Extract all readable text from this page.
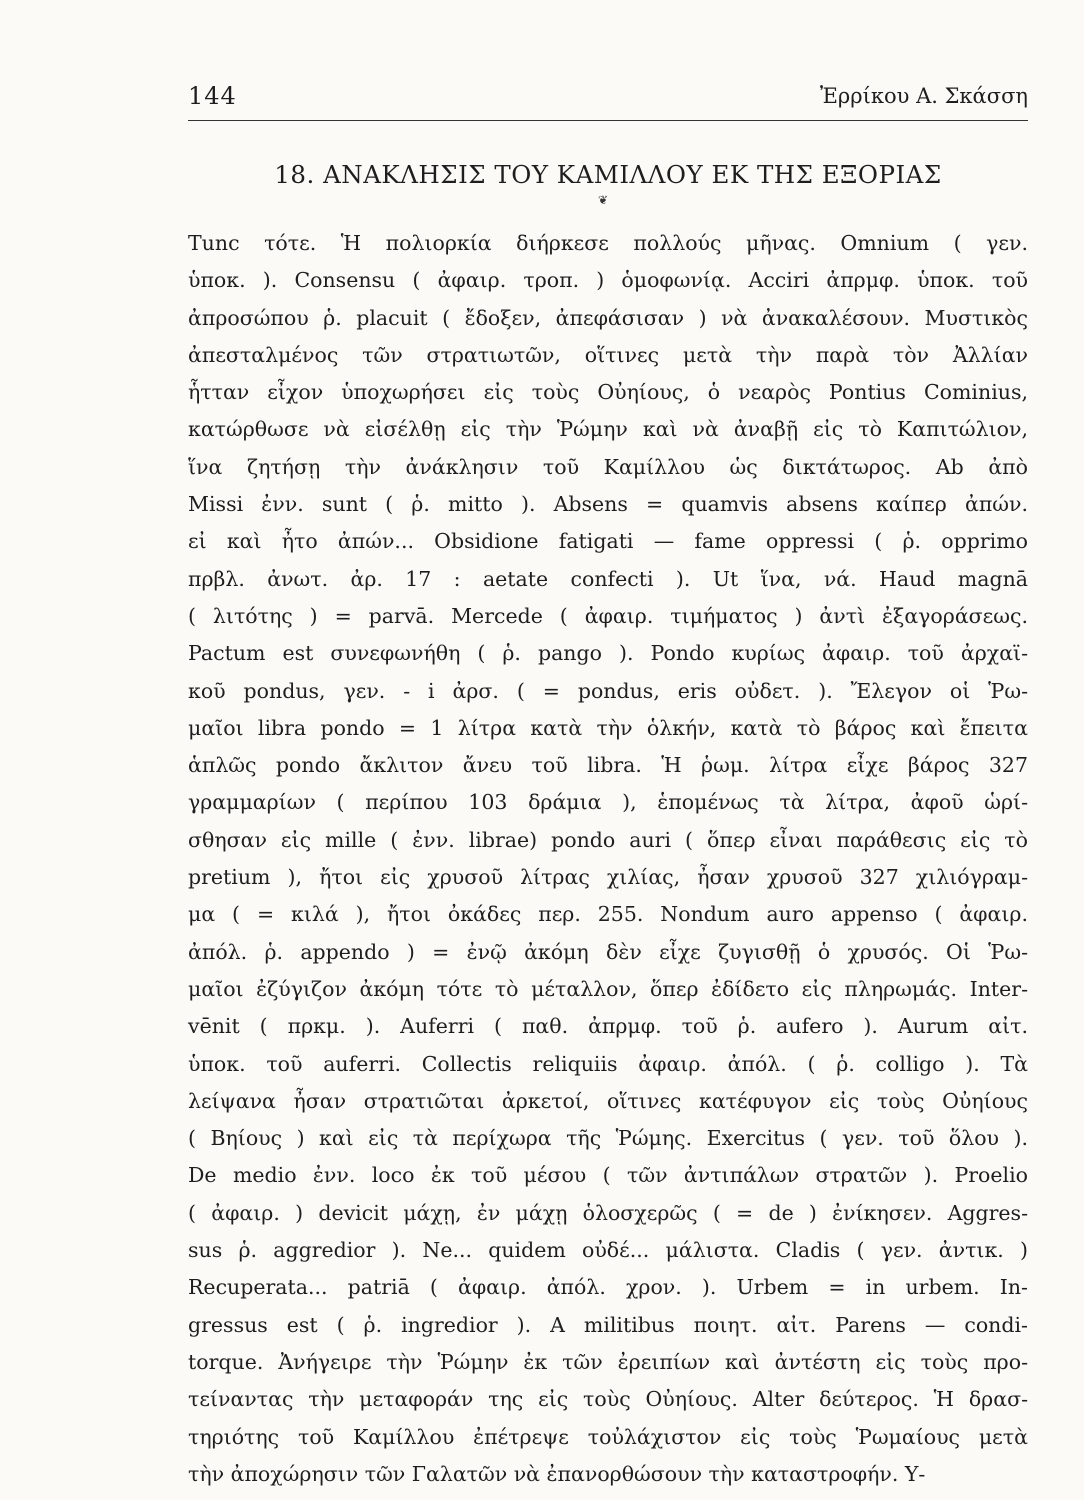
144	Ἐρρίκου Α. Σκάσση
18. ΑΝΑΚΛΗΣΙΣ ΤΟΥ ΚΑΜΙΛΛΟΥ ΕΚ ΤΗΣ ΕΞΟΡΙΑΣ
❦
Tunc τότε. Ἡ πολιορκία διήρκεσε πολλούς μῆνας. Omnium ( γεν.
ὑποκ. ). Consensu ( ἀφαιρ. τροπ. ) ὁμοφωνίᾳ. Acciri ἀπρμφ. ὑποκ. τοῦ
ἀπροσώπου ῥ. placuit ( ἔδοξεν, ἀπεφάσισαν ) νὰ ἀνακαλέσουν. Μυστικὸς
ἀπεσταλμένος τῶν στρατιωτῶν, οἵτινες μετὰ τὴν παρὰ τὸν Ἀλλίαν
ἧτταν εἶχον ὑποχωρήσει εἰς τοὺς Οὐηίους, ὁ νεαρὸς Pontius Cominius,
κατώρθωσε νὰ εἰσέλθῃ εἰς τὴν Ῥώμην καὶ νὰ ἀναβῇ εἰς τὸ Καπιτώλιον,
ἵνα ζητήσῃ τὴν ἀνάκλησιν τοῦ Καμίλλου ὡς δικτάτωρος. Ab ἀπὸ
Missi ἐνν. sunt ( ῥ. mitto ). Absens = quamvis absens καίπερ ἀπών.
εἰ καὶ ἦτο ἀπών... Obsidione fatigati — fame oppressi ( ῥ. opprimo
πρβλ. ἀνωτ. ἀρ. 17 : aetate confecti ). Ut ἵνα, νά. Haud magnā
( λιτότης ) = parvā. Mercede ( ἀφαιρ. τιμήματος ) ἀντὶ ἐξαγοράσεως.
Pactum est συνεφωνήθη ( ῥ. pango ). Pondo κυρίως ἀφαιρ. τοῦ ἀρχαϊ-
κοῦ pondus, γεν. - i ἀρσ. ( = pondus, eris οὐδετ. ). Ἔλεγον οἱ Ῥω-
μαῖοι libra pondo = 1 λίτρα κατὰ τὴν ὁλκήν, κατὰ τὸ βάρος καὶ ἔπειτα
ἁπλῶς pondo ἄκλιτον ἄνευ τοῦ libra. Ἡ ῥωμ. λίτρα εἶχε βάρος 327
γραμμαρίων ( περίπου 103 δράμια ), ἑπομένως τὰ λίτρα, ἀφοῦ ὡρί-
σθησαν εἰς mille ( ἐνν. librae) pondo auri ( ὅπερ εἶναι παράθεσις εἰς τὸ
pretium ), ἤτοι εἰς χρυσοῦ λίτρας χιλίας, ἦσαν χρυσοῦ 327 χιλιόγραμ-
μα ( = κιλά ), ἤτοι ὀκάδες περ. 255. Nondum auro appenso ( ἀφαιρ.
ἀπόλ. ῥ. appendo ) = ἐνῷ ἀκόμη δὲν εἶχε ζυγισθῇ ὁ χρυσός. Οἱ Ῥω-
μαῖοι ἐζύγιζον ἀκόμη τότε τὸ μέταλλον, ὅπερ ἐδίδετο εἰς πληρωμάς. Inter-
vēnit ( πρκμ. ). Auferri ( παθ. ἀπρμφ. τοῦ ῥ. aufero ). Aurum αἰτ.
ὑποκ. τοῦ auferri. Collectis reliquiis ἀφαιρ. ἀπόλ. ( ῥ. colligo ). Τὰ
λείψανα ἦσαν στρατιῶται ἀρκετοί, οἵτινες κατέφυγον εἰς τοὺς Οὐηίους
( Βηίους ) καὶ εἰς τὰ περίχωρα τῆς Ῥώμης. Exercitus ( γεν. τοῦ ὅλου ).
De medio ἐνν. loco ἐκ τοῦ μέσου ( τῶν ἀντιπάλων στρατῶν ). Proelio
( ἀφαιρ. ) devicit μάχῃ, ἐν μάχῃ ὁλοσχερῶς ( = de ) ἐνίκησεν. Aggres-
sus ῥ. aggredior ). Ne... quidem οὐδέ... μάλιστα. Cladis ( γεν. ἀντικ. )
Recuperata... patriā ( ἀφαιρ. ἀπόλ. χρον. ). Urbem = in urbem. In-
gressus est ( ῥ. ingredior ). A militibus ποιητ. αἰτ. Parens — condi-
torque. Ἀνήγειρε τὴν Ῥώμην ἐκ τῶν ἐρειπίων καὶ ἀντέστη εἰς τοὺς προ-
τείναντας τὴν μεταφοράν της εἰς τοὺς Οὐηίους. Alter δεύτερος. Ἡ δρασ-
τηριότης τοῦ Καμίλλου ἐπέτρεψε τοὐλάχιστον εἰς τοὺς Ῥωμαίους μετὰ
τὴν ἀποχώρησιν τῶν Γαλατῶν νὰ ἐπανορθώσουν τὴν καταστροφήν. Υ-
